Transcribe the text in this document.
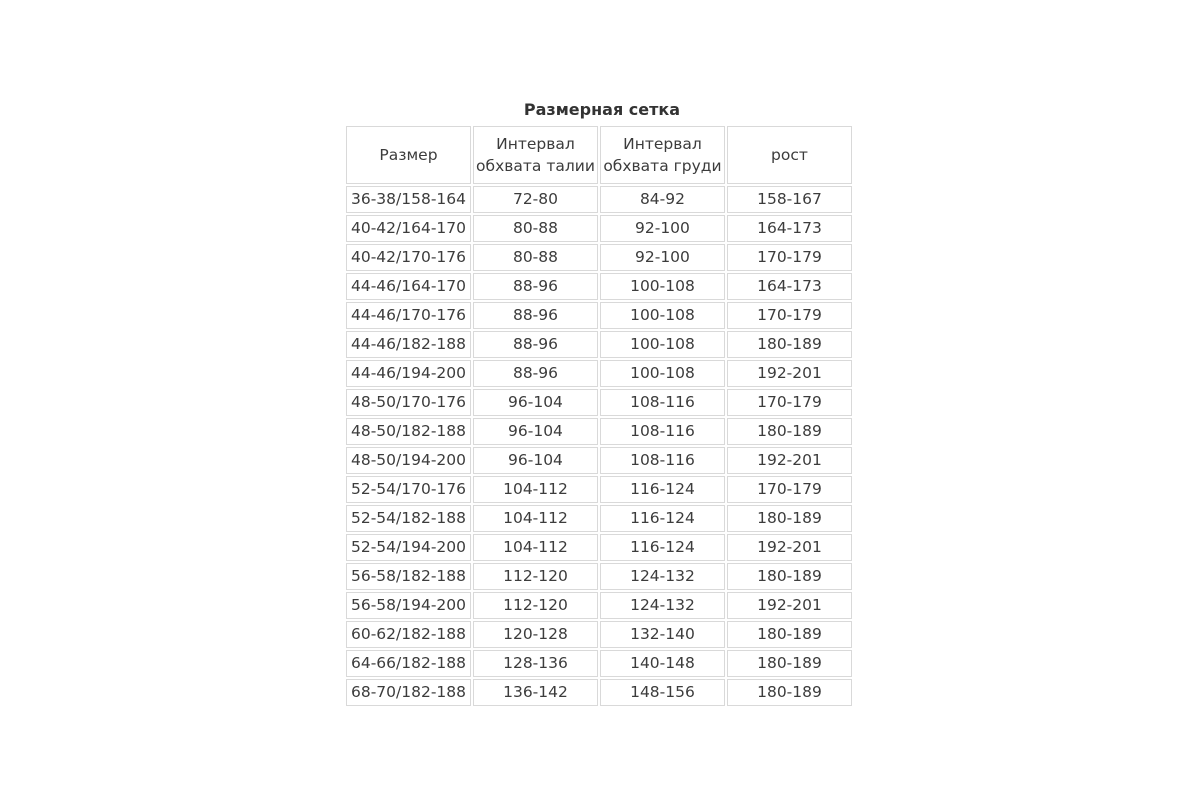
Размерная сетка
Размер	Интервал обхвата талии	Интервал обхвата груди	рост
36-38/158-164	72-80	84-92	158-167
40-42/164-170	80-88	92-100	164-173
40-42/170-176	80-88	92-100	170-179
44-46/164-170	88-96	100-108	164-173
44-46/170-176	88-96	100-108	170-179
44-46/182-188	88-96	100-108	180-189
44-46/194-200	88-96	100-108	192-201
48-50/170-176	96-104	108-116	170-179
48-50/182-188	96-104	108-116	180-189
48-50/194-200	96-104	108-116	192-201
52-54/170-176	104-112	116-124	170-179
52-54/182-188	104-112	116-124	180-189
52-54/194-200	104-112	116-124	192-201
56-58/182-188	112-120	124-132	180-189
56-58/194-200	112-120	124-132	192-201
60-62/182-188	120-128	132-140	180-189
64-66/182-188	128-136	140-148	180-189
68-70/182-188	136-142	148-156	180-189
